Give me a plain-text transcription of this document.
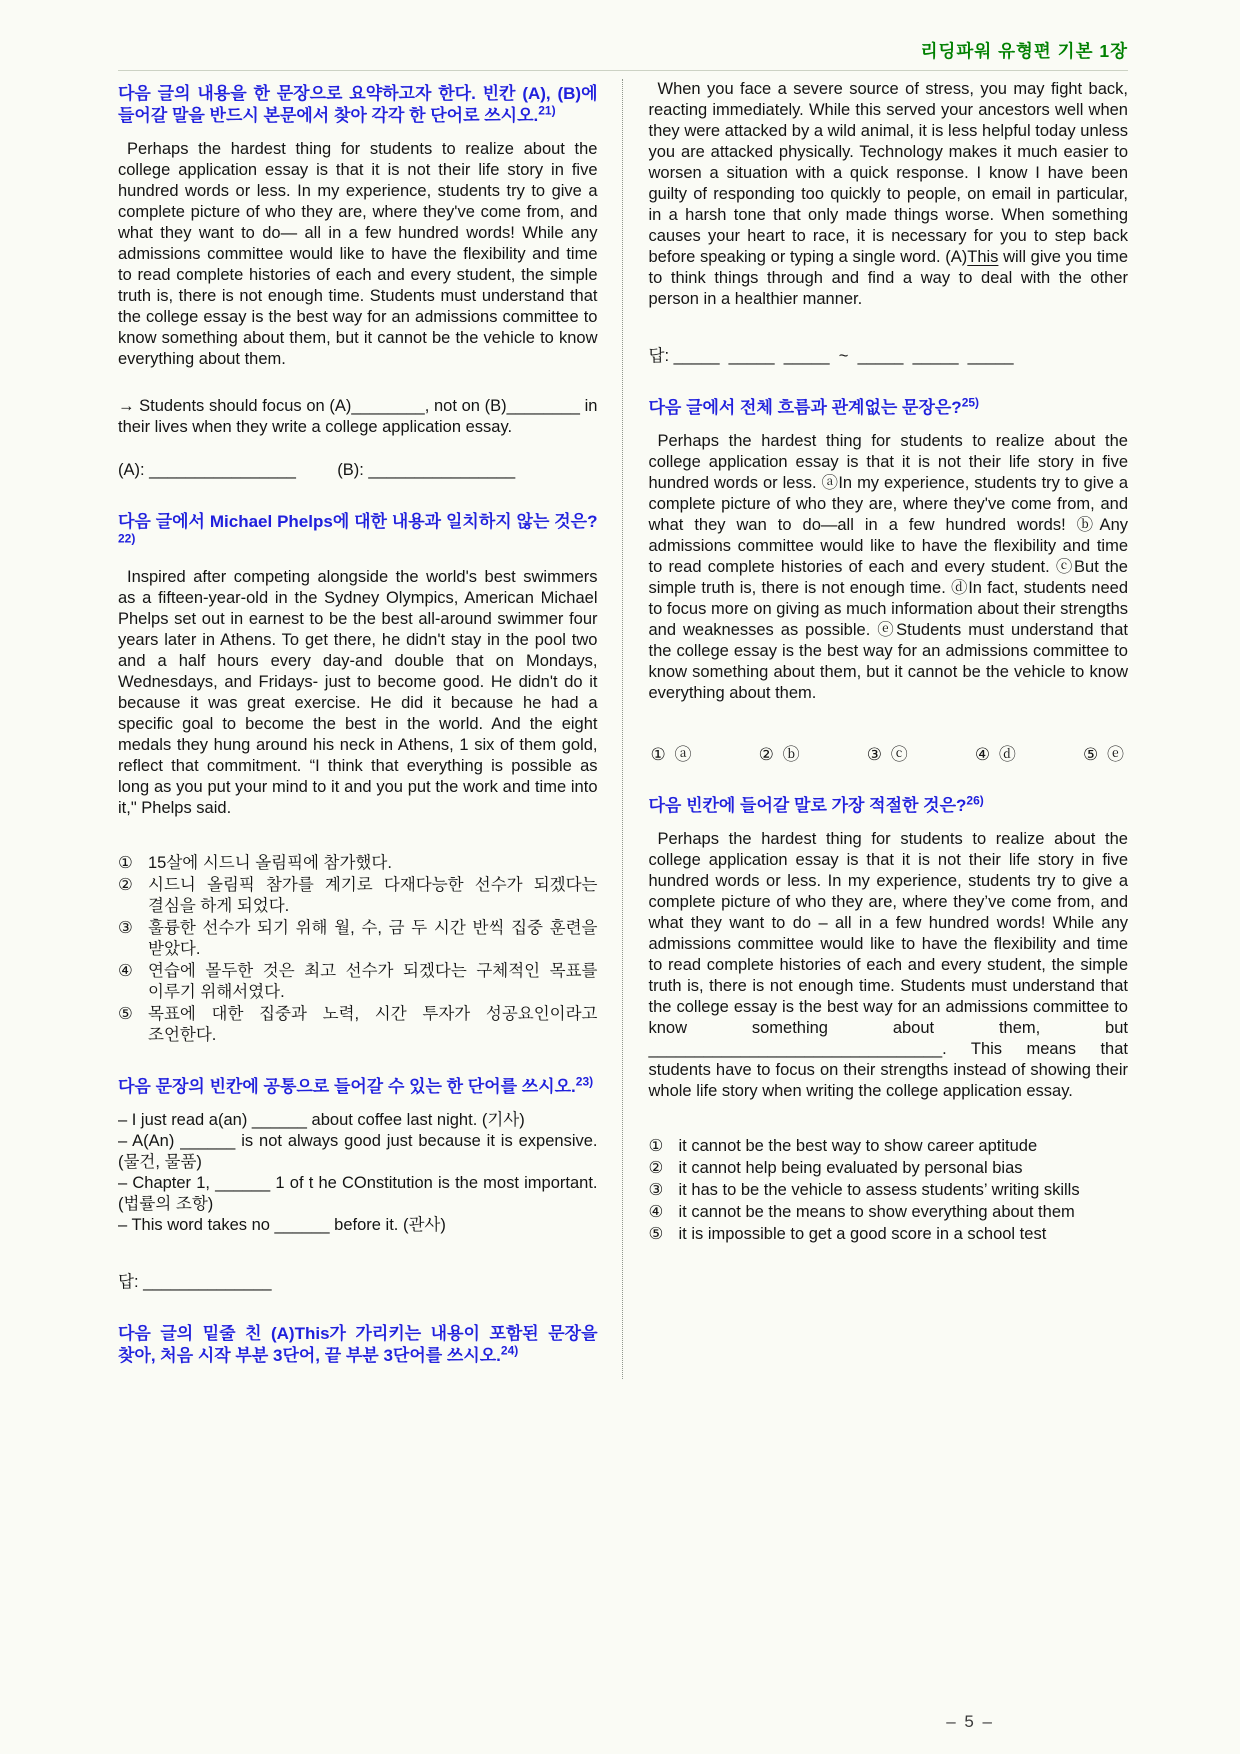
리딩파워 유형편 기본 1장
다음 글의 내용을 한 문장으로 요약하고자 한다. 빈칸 (A), (B)에 들어갈 말을 반드시 본문에서 찾아 각각 한 단어로 쓰시오.$^{21)}$

Perhaps the hardest thing for students to realize about the college application essay is that it is not their life story in five hundred words or less. In my experience, students try to give a complete picture of who they are, where they've come from, and what they want to do— all in a few hundred words! While any admissions committee would like to have the flexibility and time to read complete histories of each and every student, the simple truth is, there is not enough time. Students must understand that the college essay is the best way for an admissions committee to know something about them, but it cannot be the vehicle to know everything about them.

→ Students should focus on (A)________, not on (B)________ in their lives when they write a college application essay.

(A): ________________         (B): ________________

다음 글에서 Michael Phelps에 대한 내용과 일치하지 않는 것은?$^{22)}$

Inspired after competing alongside the world's best swimmers as a fifteen-year-old in the Sydney Olympics, American Michael Phelps set out in earnest to be the best all-around swimmer four years later in Athens. To get there, he didn't stay in the pool two and a half hours every day-and double that on Mondays, Wednesdays, and Fridays- just to become good. He didn't do it because it was great exercise. He did it because he had a specific goal to become the best in the world. And the eight medals they hung around his neck in Athens, 1 six of them gold, reflect that commitment. “I think that everything is possible as long as you put your mind to it and you put the work and time into it," Phelps said.

① 15살에 시드니 올림픽에 참가했다.
② 시드니 올림픽 참가를 계기로 다재다능한 선수가 되겠다는 결심을 하게 되었다.
③ 훌륭한 선수가 되기 위해 월, 수, 금 두 시간 반씩 집중 훈련을 받았다.
④ 연습에 몰두한 것은 최고 선수가 되겠다는 구체적인 목표를 이루기 위해서였다.
⑤ 목표에 대한 집중과 노력, 시간 투자가 성공요인이라고 조언한다.
다음 문장의 빈칸에 공통으로 들어갈 수 있는 한 단어를 쓰시오.$^{23)}$

– I just read a(an) ______ about coffee last night. (기사)

– A(An) ______ is not always good just because it is expensive. (물건, 물품)

– Chapter 1, ______ 1 of t he COnstitution is the most important. (법률의 조항)

– This word takes no ______ before it. (관사)

답: ______________

다음 글의 밑줄 친 (A)This가 가리키는 내용이 포함된 문장을 찾아, 처음 시작 부분 3단어, 끝 부분 3단어를 쓰시오.$^{24)}$

When you face a severe source of stress, you may fight back, reacting immediately. While this served your ancestors well when they were attacked by a wild animal, it is less helpful today unless you are attacked physically. Technology makes it much easier to worsen a situation with a quick response. I know I have been guilty of responding too quickly to people, on email in particular, in a harsh tone that only made things worse. When something causes your heart to race, it is necessary for you to step back before speaking or typing a single word. (A)This will give you time to think things through and find a way to deal with the other person in a healthier manner.

답: _____  _____  _____  ~  _____  _____  _____

다음 글에서 전체 흐름과 관계없는 문장은?$^{25)}$

Perhaps the hardest thing for students to realize about the college application essay is that it is not their life story in five hundred words or less. ⓐIn my experience, students try to give a complete picture of who they are, where they've come from, and what they wan to do—all in a few hundred words! ⓑAny admissions committee would like to have the flexibility and time to read complete histories of each and every student. ⓒBut the simple truth is, there is not enough time. ⓓIn fact, students need to focus more on giving as much information about their strengths and weaknesses as possible. ⓔStudents must understand that the college essay is the best way for an admissions committee to know something about them, but it cannot be the vehicle to know everything about them.

① ⓐ	② ⓑ	③ ⓒ	④ ⓓ	⑤ ⓔ
다음 빈칸에 들어갈 말로 가장 적절한 것은?$^{26)}$

Perhaps the hardest thing for students to realize about the college application essay is that it is not their life story in five hundred words or less. In my experience, students try to give a complete picture of who they are, where they’ve come from, and what they want to do – all in a few hundred words! While any admissions committee would like to have the flexibility and time to read complete histories of each and every student, the simple truth is, there is not enough time. Students must understand that the college essay is the best way for an admissions committee to know something about them, but ________________________________. This means that students have to focus on their strengths instead of showing their whole life story when writing the college application essay.

① it cannot be the best way to show career aptitude
② it cannot help being evaluated by personal bias
③ it has to be the vehicle to assess students’ writing skills
④ it cannot be the means to show everything about them
⑤ it is impossible to get a good score in a school test
– 5 –
